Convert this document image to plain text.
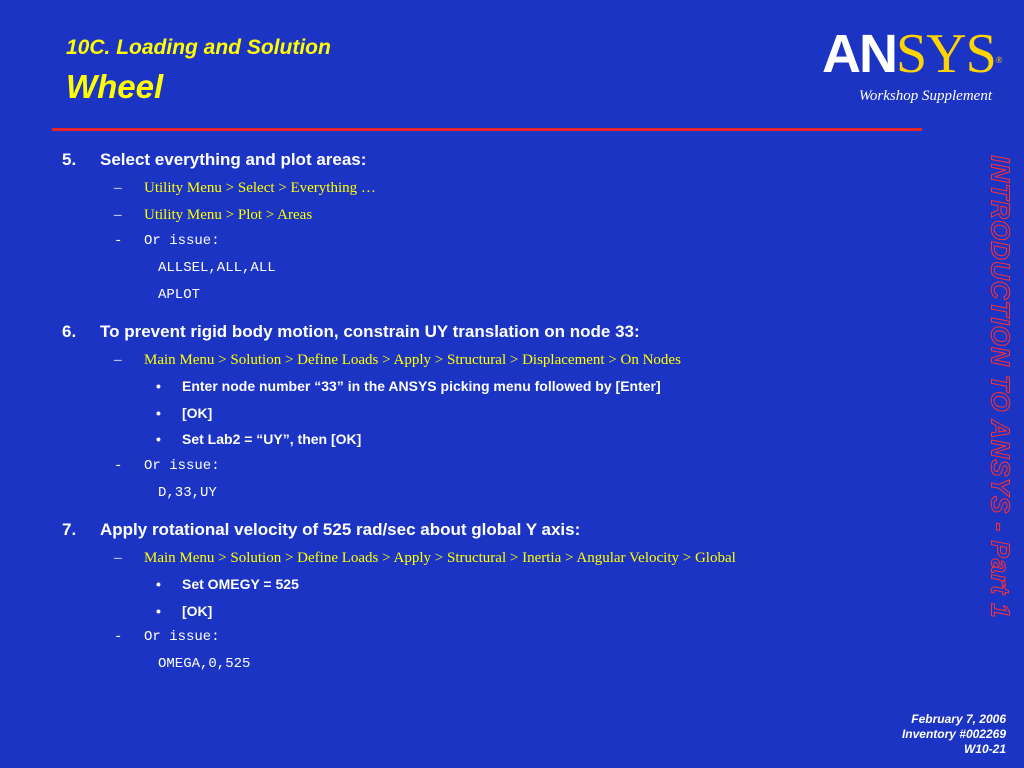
10C. Loading and Solution
Wheel
ANSYS®
Workshop Supplement
INTRODUCTION TO ANSYS - Part 1
5. Select everything and plot areas:
– Utility Menu > Select > Everything …
– Utility Menu > Plot > Areas
- Or issue:
ALLSEL,ALL,ALL
APLOT
6. To prevent rigid body motion, constrain UY translation on node 33:
– Main Menu > Solution > Define Loads > Apply > Structural > Displacement > On Nodes
• Enter node number “33” in the ANSYS picking menu followed by [Enter]
• [OK]
• Set Lab2 = “UY”, then [OK]
- Or issue:
D,33,UY
7. Apply rotational velocity of 525 rad/sec about global Y axis:
– Main Menu > Solution > Define Loads > Apply > Structural > Inertia > Angular Velocity > Global
• Set OMEGY = 525
• [OK]
- Or issue:
OMEGA,0,525
February 7, 2006
Inventory #002269
W10-21
